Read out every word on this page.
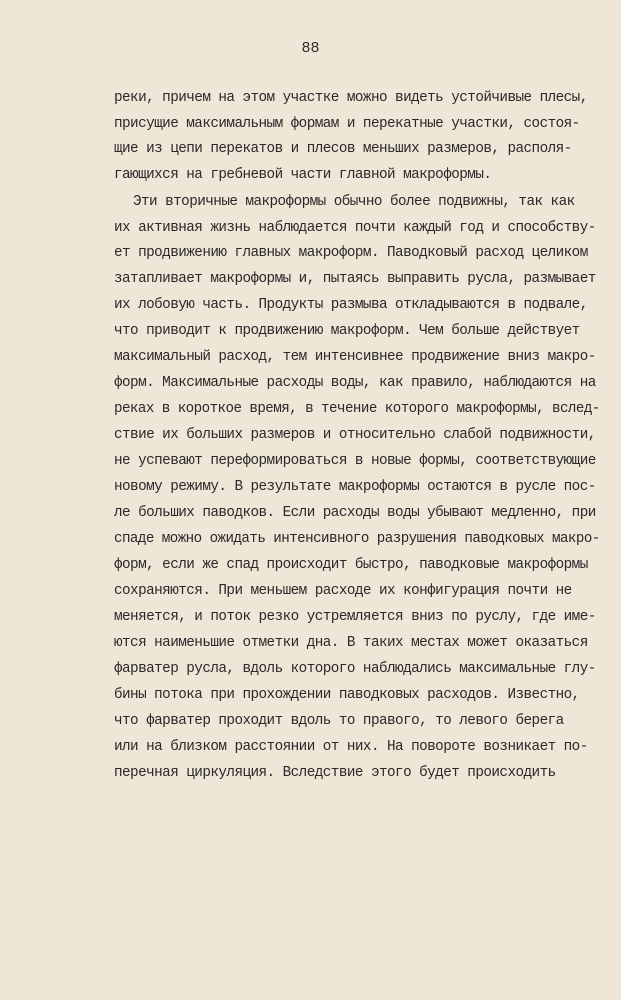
88
реки, причем на этом участке можно видеть устойчивые плесы,
присущие максимальным формам и перекатные участки, состоя-
щие из цепи перекатов и плесов меньших размеров, располя-
гающихся на гребневой части главной макроформы.
Эти вторичные макроформы обычно более подвижны, так как
их активная жизнь наблюдается почти каждый год и способству-
ет продвижению главных макроформ. Паводковый расход целиком
затапливает макроформы и, пытаясь выправить русла, размывает
их лобовую часть. Продукты размыва откладываются в подвале,
что приводит к продвижению макроформ. Чем больше действует
максимальный расход, тем интенсивнее продвижение вниз макро-
форм. Максимальные расходы воды, как правило, наблюдаются на
реках в короткое время, в течение которого макроформы, вслед-
ствие их больших размеров и относительно слабой подвижности,
не успевают переформироваться в новые формы, соответствующие
новому режиму. В результате макроформы остаются в русле пос-
ле больших паводков. Если расходы воды убывают медленно, при
спаде можно ожидать интенсивного разрушения паводковых макро-
форм, если же спад происходит быстро, паводковые макроформы
сохраняются. При меньшем расходе их конфигурация почти не
меняется, и поток резко устремляется вниз по руслу, где име-
ются наименьшие отметки дна. В таких местах может оказаться
фарватер русла, вдоль которого наблюдались максимальные глу-
бины потока при прохождении паводковых расходов. Известно,
что фарватер проходит вдоль то правого, то левого берега
или на близком расстоянии от них. На повороте возникает по-
перечная циркуляция. Вследствие этого будет происходить
